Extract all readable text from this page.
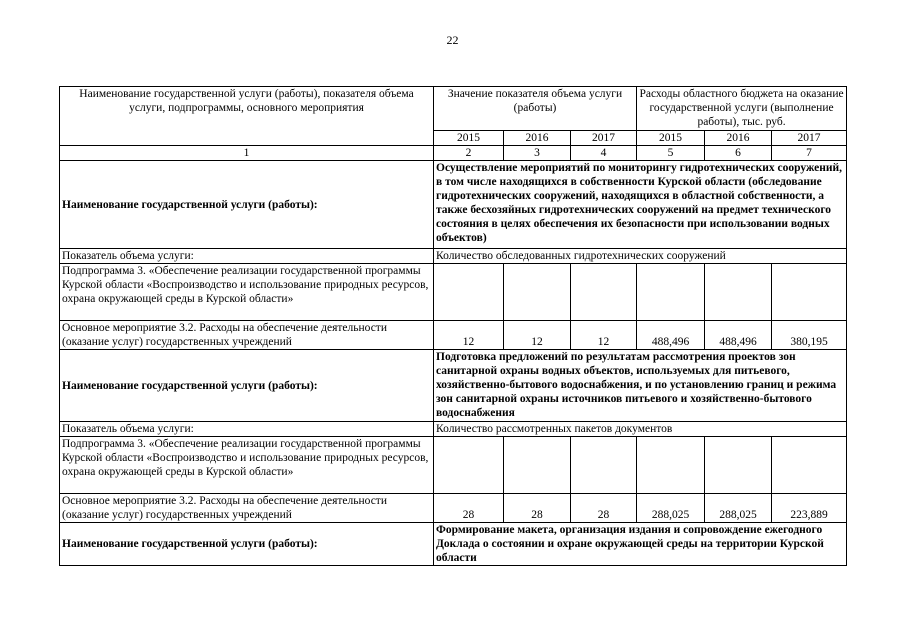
22
Наименование государственной услуги (работы), показателя объема услуги, подпрограммы, основного мероприятия	Значение показателя объема услуги (работы)			Расходы областного бюджета на оказание государственной услуги (выполнение работы), тыс. руб.		
	2015	2016	2017	2015	2016	2017
1	2	3	4	5	6	7
Наименование государственной услуги (работы):	Осуществление мероприятий по мониторингу гидротехнических сооружений, в том числе находящихся в собственности Курской области (обследование гидротехнических сооружений, находящихся в областной собственности, а также бесхозяйных гидротехнических сооружений на предмет технического состояния в целях обеспечения их безопасности при использовании водных объектов)					
Показатель объема услуги:	Количество обследованных гидротехнических сооружений					
Подпрограмма 3. «Обеспечение реализации государственной программы Курской области «Воспроизводство и использование природных ресурсов, охрана окружающей среды в Курской области»						
Основное мероприятие 3.2. Расходы на обеспечение деятельности (оказание услуг) государственных учреждений	12	12	12	488,496	488,496	380,195
Наименование государственной услуги (работы):	Подготовка предложений по результатам рассмотрения проектов зон санитарной охраны водных объектов, используемых для питьевого, хозяйственно-бытового водоснабжения, и по установлению границ и режима зон санитарной охраны источников питьевого и хозяйственно-бытового водоснабжения					
Показатель объема услуги:	Количество рассмотренных пакетов документов					
Подпрограмма 3. «Обеспечение реализации государственной программы Курской области «Воспроизводство и использование природных ресурсов, охрана окружающей среды в Курской области»						
Основное мероприятие 3.2. Расходы на обеспечение деятельности (оказание услуг) государственных учреждений	28	28	28	288,025	288,025	223,889
Наименование государственной услуги (работы):	Формирование макета, организация издания и сопровождение ежегодного Доклада о состоянии и охране окружающей среды на территории Курской области					
